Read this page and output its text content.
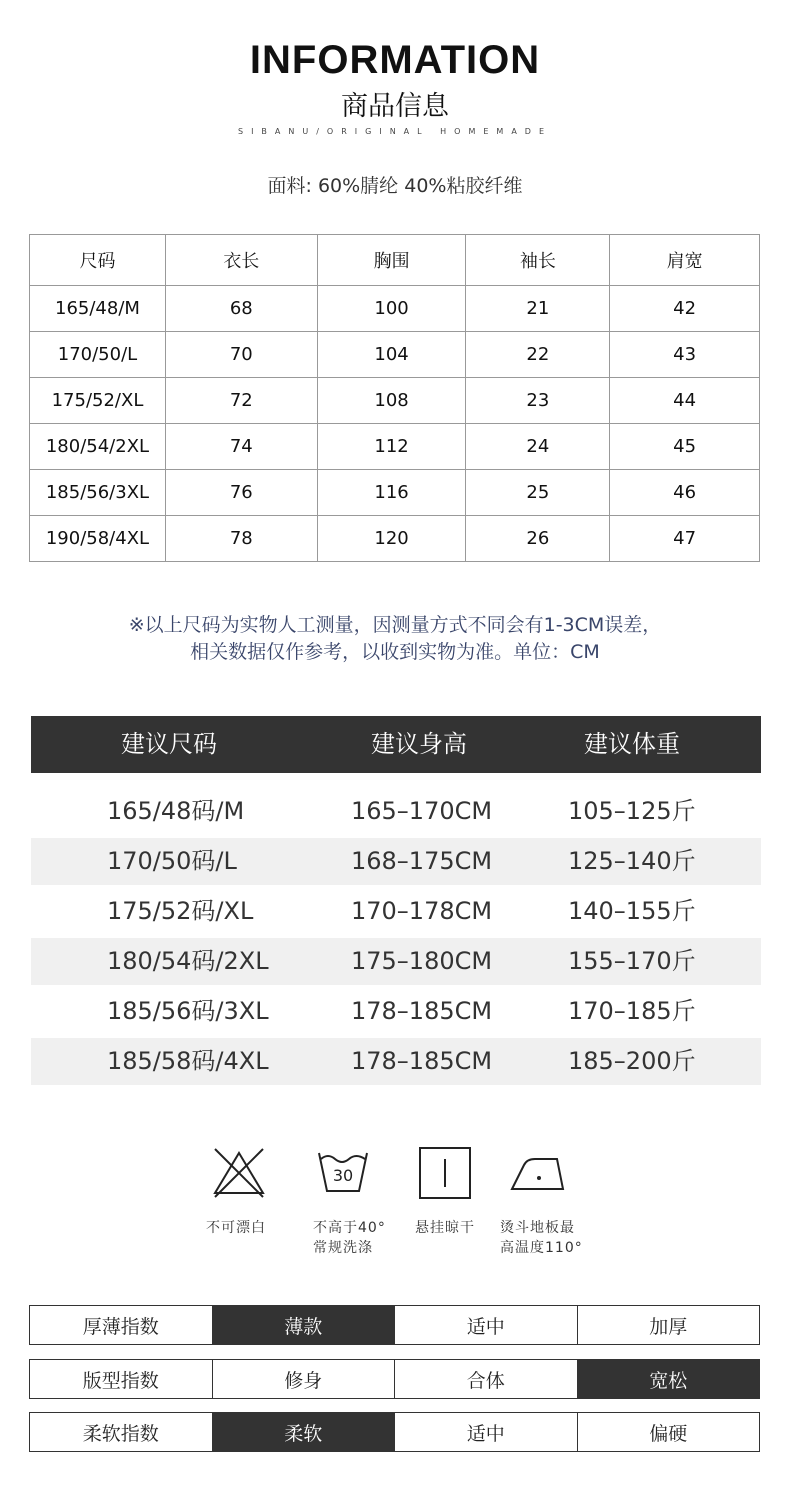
INFORMATION
商品信息
SIBANU/ORIGINAL HOMEMADE
面料: 60%腈纶 40%粘胶纤维
尺码	衣长	胸围	袖长	肩宽
165/48/M	68	100	21	42
170/50/L	70	104	22	43
175/52/XL	72	108	23	44
180/54/2XL	74	112	24	45
185/56/3XL	76	116	25	46
190/58/4XL	78	120	26	47
※以上尺码为实物人工测量，因测量方式不同会有1-3CM误差，
相关数据仅作参考，以收到实物为准。单位：CM
建议尺码	建议身高	建议体重
165/48码/M	165–170CM	105–125斤
170/50码/L	168–175CM	125–140斤
175/52码/XL	170–178CM	140–155斤
180/54码/2XL	175–180CM	155–170斤
185/56码/3XL	178–185CM	170–185斤
185/58码/4XL	178–185CM	185–200斤
30
不可漂白	不高于40°
常规洗涤
悬挂晾干 烫斗地板最
高温度110°
厚薄指数	薄款	适中	加厚
版型指数	修身	合体	宽松
柔软指数	柔软	适中	偏硬
